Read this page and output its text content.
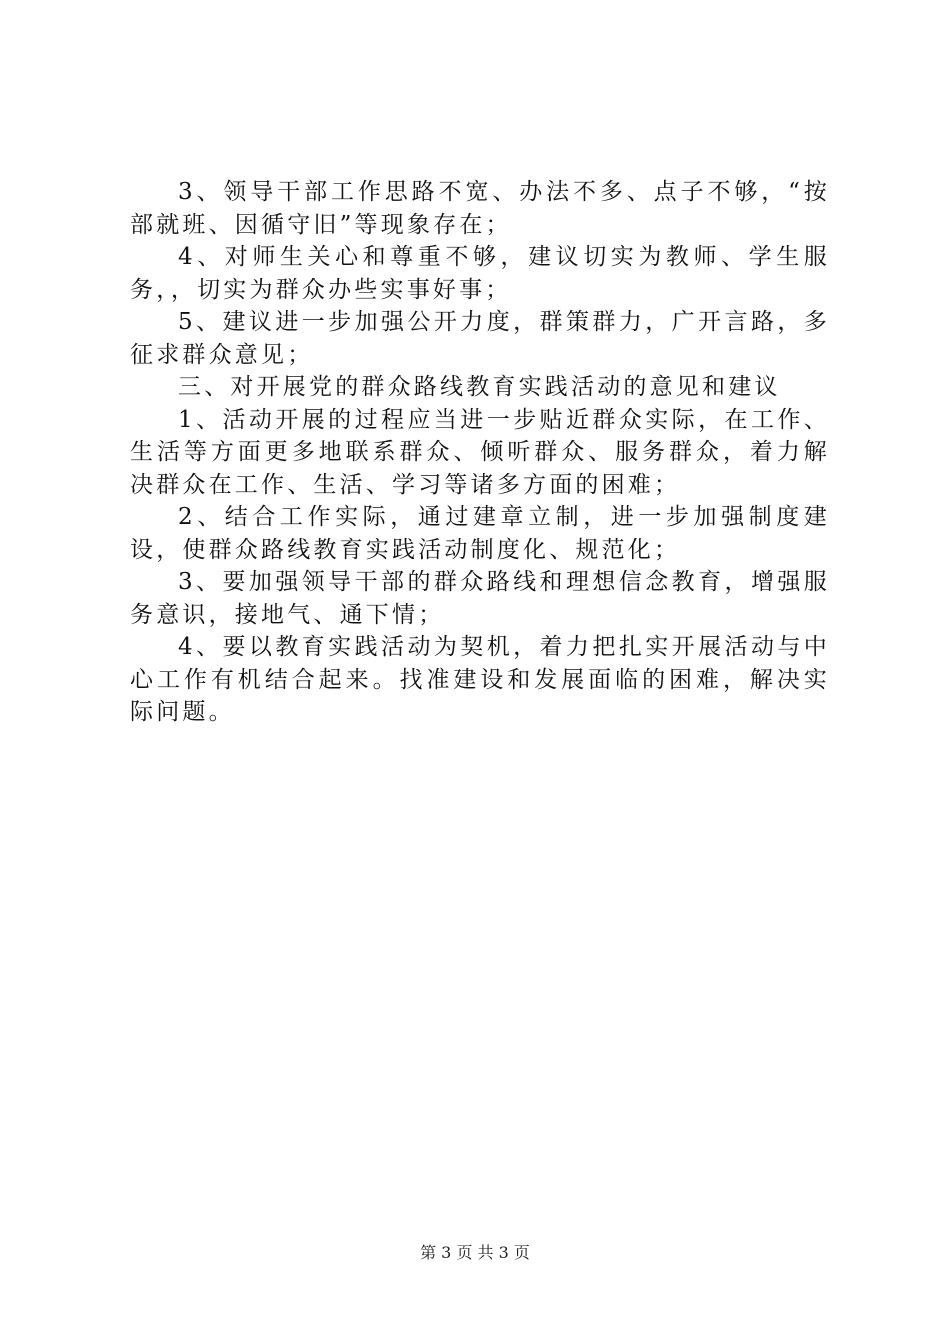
3、领导干部工作思路不宽、办法不多、点子不够，“按部就班、因循守旧”等现象存在；

4、对师生关心和尊重不够，建议切实为教师、学生服务，，切实为群众办些实事好事；

5、建议进一步加强公开力度，群策群力，广开言路，多征求群众意见；

三、对开展党的群众路线教育实践活动的意见和建议

1、活动开展的过程应当进一步贴近群众实际，在工作、生活等方面更多地联系群众、倾听群众、服务群众，着力解决群众在工作、生活、学习等诸多方面的困难；

2、结合工作实际，通过建章立制，进一步加强制度建设，使群众路线教育实践活动制度化、规范化；

3、要加强领导干部的群众路线和理想信念教育，增强服务意识，接地气、通下情；

4、要以教育实践活动为契机，着力把扎实开展活动与中心工作有机结合起来。找准建设和发展面临的困难，解决实际问题。

第 3 页 共 3 页
